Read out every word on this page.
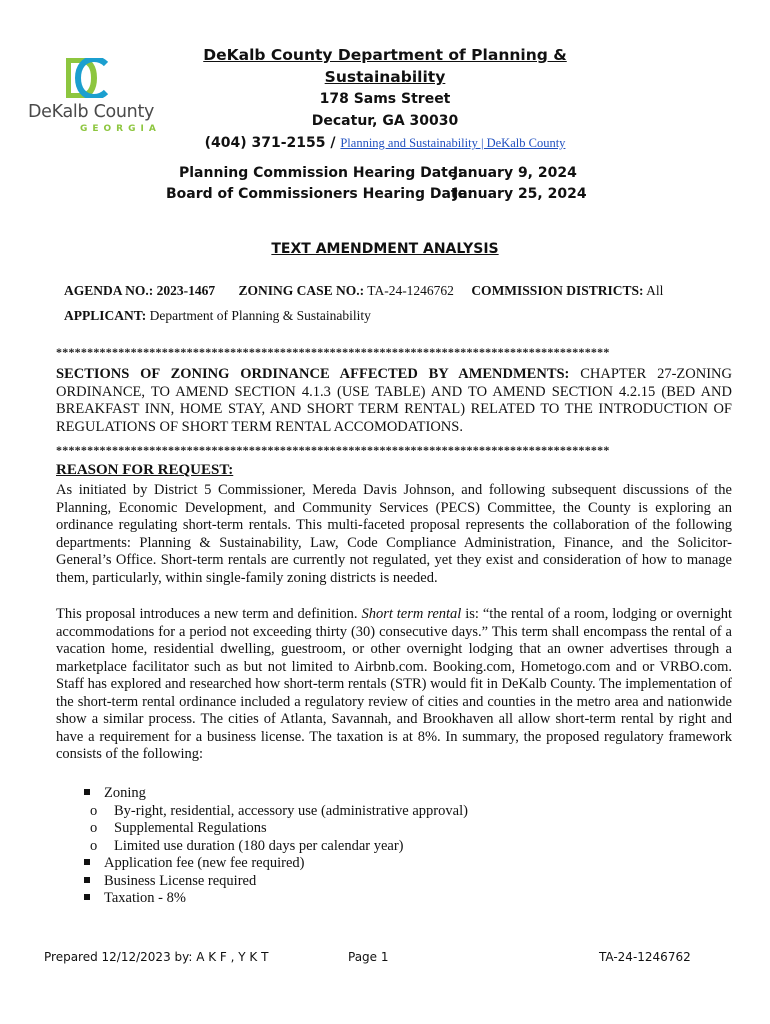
DeKalb County
GEORGIA

DeKalb County Department of Planning & Sustainability

178 Sams Street

Decatur, GA 30030

(404) 371-2155 / Planning and Sustainability | DeKalb County

Planning Commission Hearing Date:January 9, 2024
Board of Commissioners Hearing Date:January 25, 2024
TEXT AMENDMENT ANALYSIS
AGENDA NO.: 2023-1467 ZONING CASE NO.: TA-24-1246762 COMMISSION DISTRICTS: All
APPLICANT: Department of Planning & Sustainability
*****************************************************************************************
SECTIONS OF ZONING ORDINANCE AFFECTED BY AMENDMENTS: CHAPTER 27-ZONING ORDINANCE, TO AMEND SECTION 4.1.3 (USE TABLE) AND TO AMEND SECTION 4.2.15 (BED AND BREAKFAST INN, HOME STAY, AND SHORT TERM RENTAL) RELATED TO THE INTRODUCTION OF REGULATIONS OF SHORT TERM RENTAL ACCOMODATIONS.
*****************************************************************************************
REASON FOR REQUEST:

As initiated by District 5 Commissioner, Mereda Davis Johnson, and following subsequent discussions of the Planning, Economic Development, and Community Services (PECS) Committee, the County is exploring an ordinance regulating short-term rentals. This multi-faceted proposal represents the collaboration of the following departments: Planning & Sustainability, Law, Code Compliance Administration, Finance, and the Solicitor-General’s Office. Short-term rentals are currently not regulated, yet they exist and consideration of how to manage them, particularly, within single-family zoning districts is needed.

This proposal introduces a new term and definition. Short term rental is: “the rental of a room, lodging or overnight accommodations for a period not exceeding thirty (30) consecutive days.” This term shall encompass the rental of a vacation home, residential dwelling, guestroom, or other overnight lodging that an owner advertises through a marketplace facilitator such as but not limited to Airbnb.com. Booking.com, Hometogo.com and or VRBO.com. Staff has explored and researched how short-term rentals (STR) would fit in DeKalb County. The implementation of the short-term rental ordinance included a regulatory review of cities and counties in the metro area and nationwide show a similar process. The cities of Atlanta, Savannah, and Brookhaven all allow short-term rental by right and have a requirement for a business license. The taxation is at 8%. In summary, the proposed regulatory framework consists of the following:

Zoning
o By-right, residential, accessory use (administrative approval)
o Supplemental Regulations
o Limited use duration (180 days per calendar year)
Application fee (new fee required)
Business License required
Taxation - 8%
Prepared 12/12/2023 by: A K F , Y K T	Page 1	TA-24-1246762
